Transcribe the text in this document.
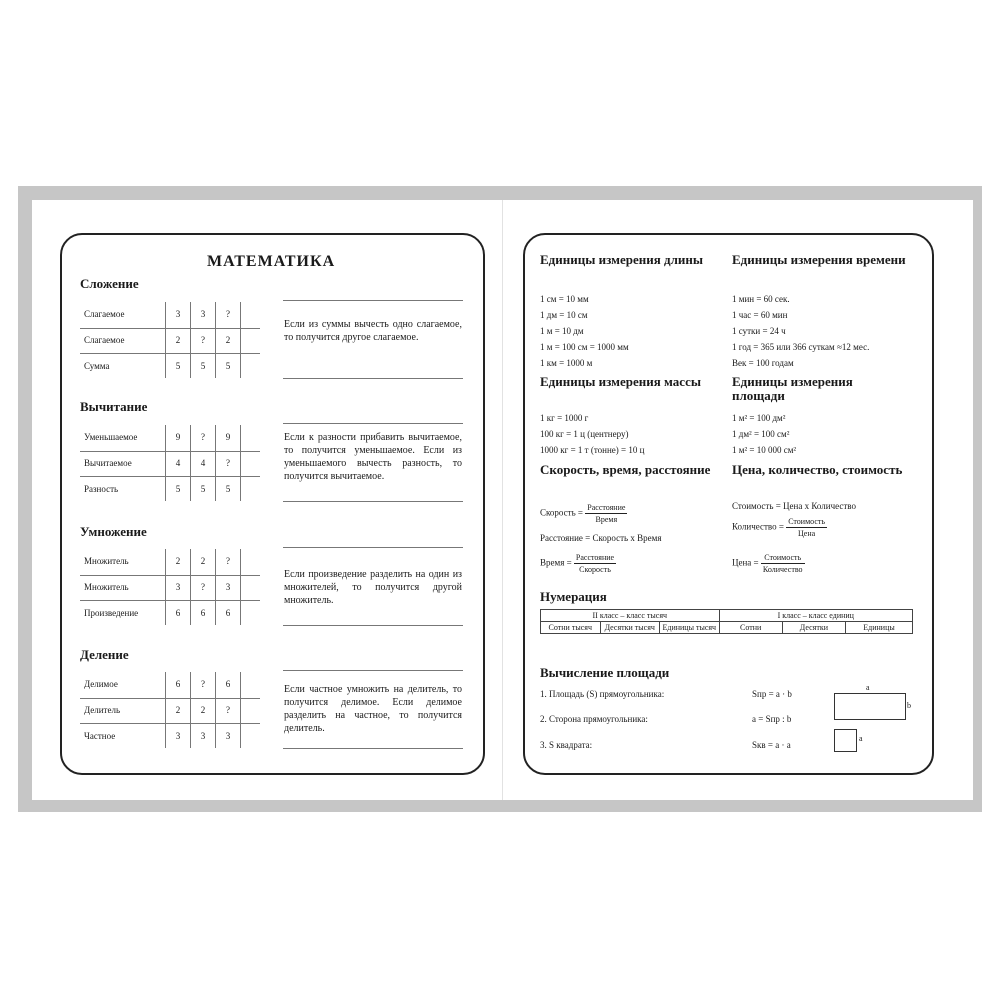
МАТЕМАТИКА
Сложение
Слагаемое	3	3	?
Слагаемое	2	?	2
Сумма	5	5	5
Если из суммы вычесть одно слагаемое, то получится другое слагаемое.
Вычитание
Уменьшаемое	9	?	9
Вычитаемое	4	4	?
Разность	5	5	5
Если к разности прибавить вычитаемое, то получится уменьшаемое. Если из уменьшаемого вычесть разность, то получится вычитаемое.
Умножение
Множитель	2	2	?
Множитель	3	?	3
Произведение	6	6	6
Если произведение разделить на один из множителей, то получится другой множитель.
Деление
Делимое	6	?	6
Делитель	2	2	?
Частное	3	3	3
Если частное умножить на делитель, то получится делимое. Если делимое разделить на частное, то получится делитель.
Единицы измерения длины
1 см = 10 мм
1 дм = 10 см
1 м = 10 дм
1 м = 100 см = 1000 мм
1 км = 1000 м
Единицы измерения времени
1 мин = 60 сек.
1 час = 60 мин
1 сутки = 24 ч
1 год = 365 или 366 суткам ≈12 мес.
Век = 100 годам
Единицы измерения массы
1 кг = 1000 г
100 кг = 1 ц (центнеру)
1000 кг = 1 т (тонне) = 10 ц
Единицы измерения площади
1 м² = 100 дм²
1 дм² = 100 см²
1 м² = 10 000 см²
Скорость, время, расстояние
Скорость = $\frac{\text{Расстояние}}{\text{Время}}$
Расстояние = Скорость х Время
Время = $\frac{\text{Расстояние}}{\text{Скорость}}$
Цена, количество, стоимость
Стоимость = Цена х Количество
Количество = $\frac{\text{Стоимость}}{\text{Цена}}$
Цена = $\frac{\text{Стоимость}}{\text{Количество}}$
Нумерация
II класс – класс тысяч			I класс – класс единиц		
Сотни тысяч	Десятки тысяч	Единицы тысяч	Сотни	Десятки	Единицы
Вычисление площади
1. Площадь (S) прямоугольника:	Sпр = a · b
2. Сторона прямоугольника:	a = Sпр : b
3. S квадрата:	Sкв = a · a
a
b
a
